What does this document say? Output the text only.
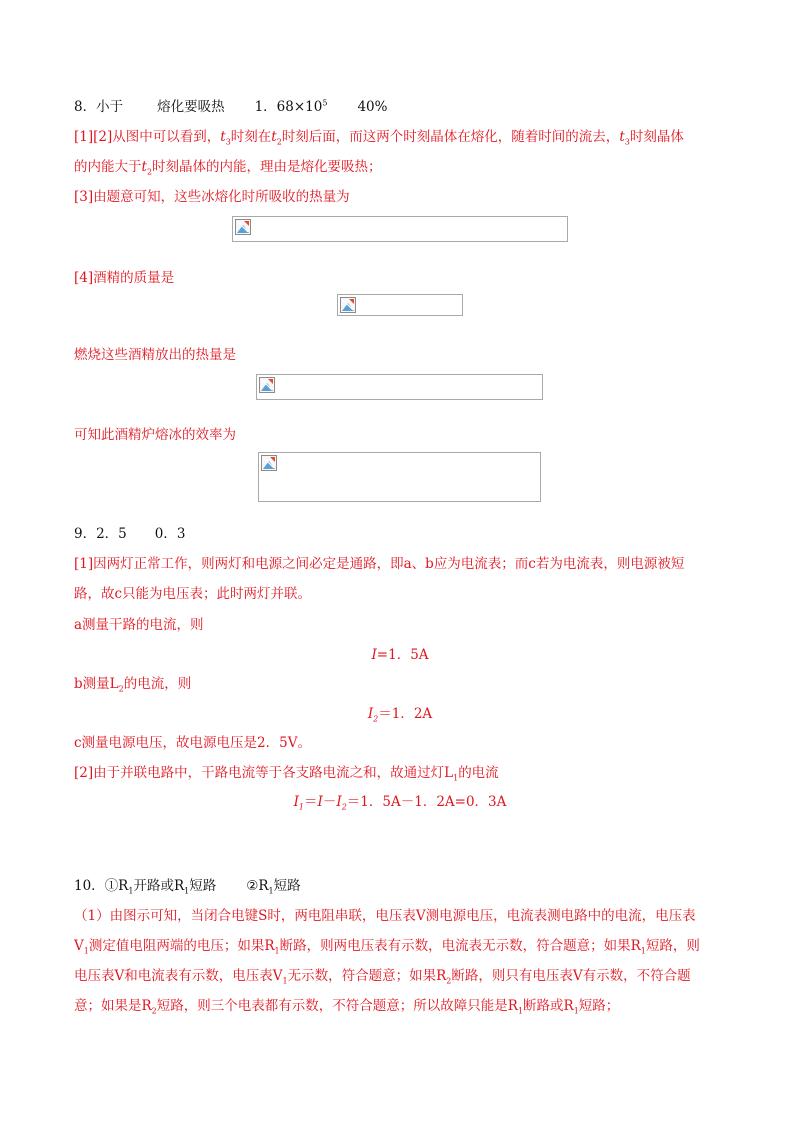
8．小于	熔化要吸热 1．$68\times 10^5$ 40%
[1][2]从图中可以看到，$t_3$时刻在$t_2$时刻后面，而这两个时刻晶体在熔化，随着时间的流去，$t_3$时刻晶体
的内能大于$t_2$时刻晶体的内能，理由是熔化要吸热；
[3]由题意可知，这些冰熔化时所吸收的热量为
[4]酒精的质量是
燃烧这些酒精放出的热量是
可知此酒精炉熔冰的效率为
9．2．5 0．3
[1]因两灯正常工作，则两灯和电源之间必定是通路，即a、b应为电流表；而c若为电流表，则电源被短
路，故c只能为电压表；此时两灯并联。
a测量干路的电流，则
I=1．5A
b测量$L_2$的电流，则
$I_2=1$．2A
c测量电源电压，故电源电压是2．5V。
[2]由于并联电路中，干路电流等于各支路电流之和，故通过灯$L_1$的电流
$I_1=I-I_2=1$．5A－1．2A=0．3A
10．$①R_1$开路或$R_1$短路 $②R_1$短路
（1）由图示可知，当闭合电键S时，两电阻串联，电压表V测电源电压，电流表测电路中的电流，电压表
$V_1$测定值电阻两端的电压；如果$R_1$断路，则两电压表有示数，电流表无示数，符合题意；如果$R_1$短路，则
电压表V和电流表有示数，电压表$V_1$无示数，符合题意；如果$R_2$断路，则只有电压表V有示数，不符合题
意；如果是$R_2$短路，则三个电表都有示数，不符合题意；所以故障只能是$R_1$断路或$R_1$短路；
